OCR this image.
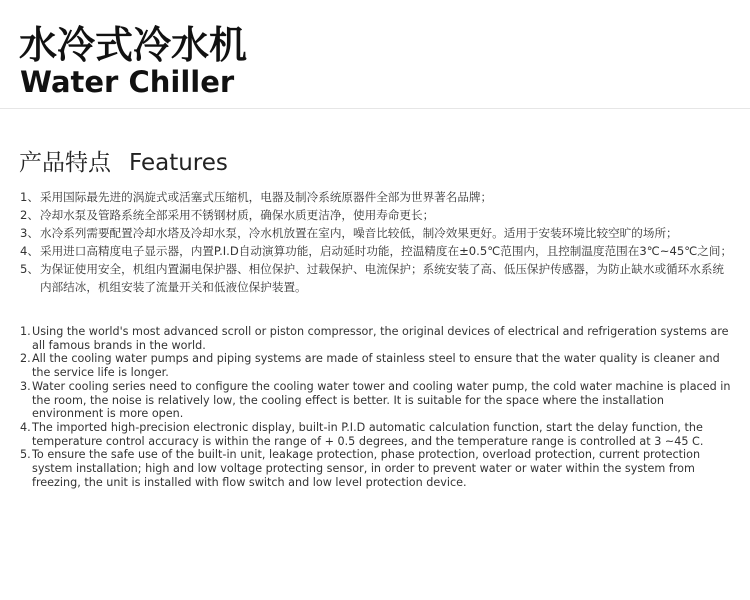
水冷式冷水机
Water Chiller
产品特点 Features
1、 采用国际最先进的涡旋式或活塞式压缩机，电器及制冷系统原器件全部为世界著名品牌；
2、 冷却水泵及管路系统全部采用不锈钢材质，确保水质更洁净，使用寿命更长；
3、 水冷系列需要配置冷却水塔及冷却水泵，冷水机放置在室内，噪音比较低，制冷效果更好。适用于安装环境比较空旷的场所；
4、 采用进口高精度电子显示器，内置P.I.D自动演算功能，启动延时功能，控温精度在±0.5℃范围内，且控制温度范围在3℃~45℃之间；
5、 为保证使用安全，机组内置漏电保护器、相位保护、过载保护、电流保护；系统安装了高、低压保护传感器，为防止缺水或循环水系统内部结冰，机组安装了流量开关和低液位保护装置。
1. Using the world's most advanced scroll or piston compressor, the original devices of electrical and refrigeration systems are all famous brands in the world.
2. All the cooling water pumps and piping systems are made of stainless steel to ensure that the water quality is cleaner and the service life is longer.
3. Water cooling series need to configure the cooling water tower and cooling water pump, the cold water machine is placed in the room, the noise is relatively low, the cooling effect is better. It is suitable for the space where the installation environment is more open.
4. The imported high-precision electronic display, built-in P.I.D automatic calculation function, start the delay function, the temperature control accuracy is within the range of + 0.5 degrees, and the temperature range is controlled at 3 ~45 C.
5. To ensure the safe use of the built-in unit, leakage protection, phase protection, overload protection, current protection system installation; high and low voltage protecting sensor, in order to prevent water or water within the system from freezing, the unit is installed with flow switch and low level protection device.
